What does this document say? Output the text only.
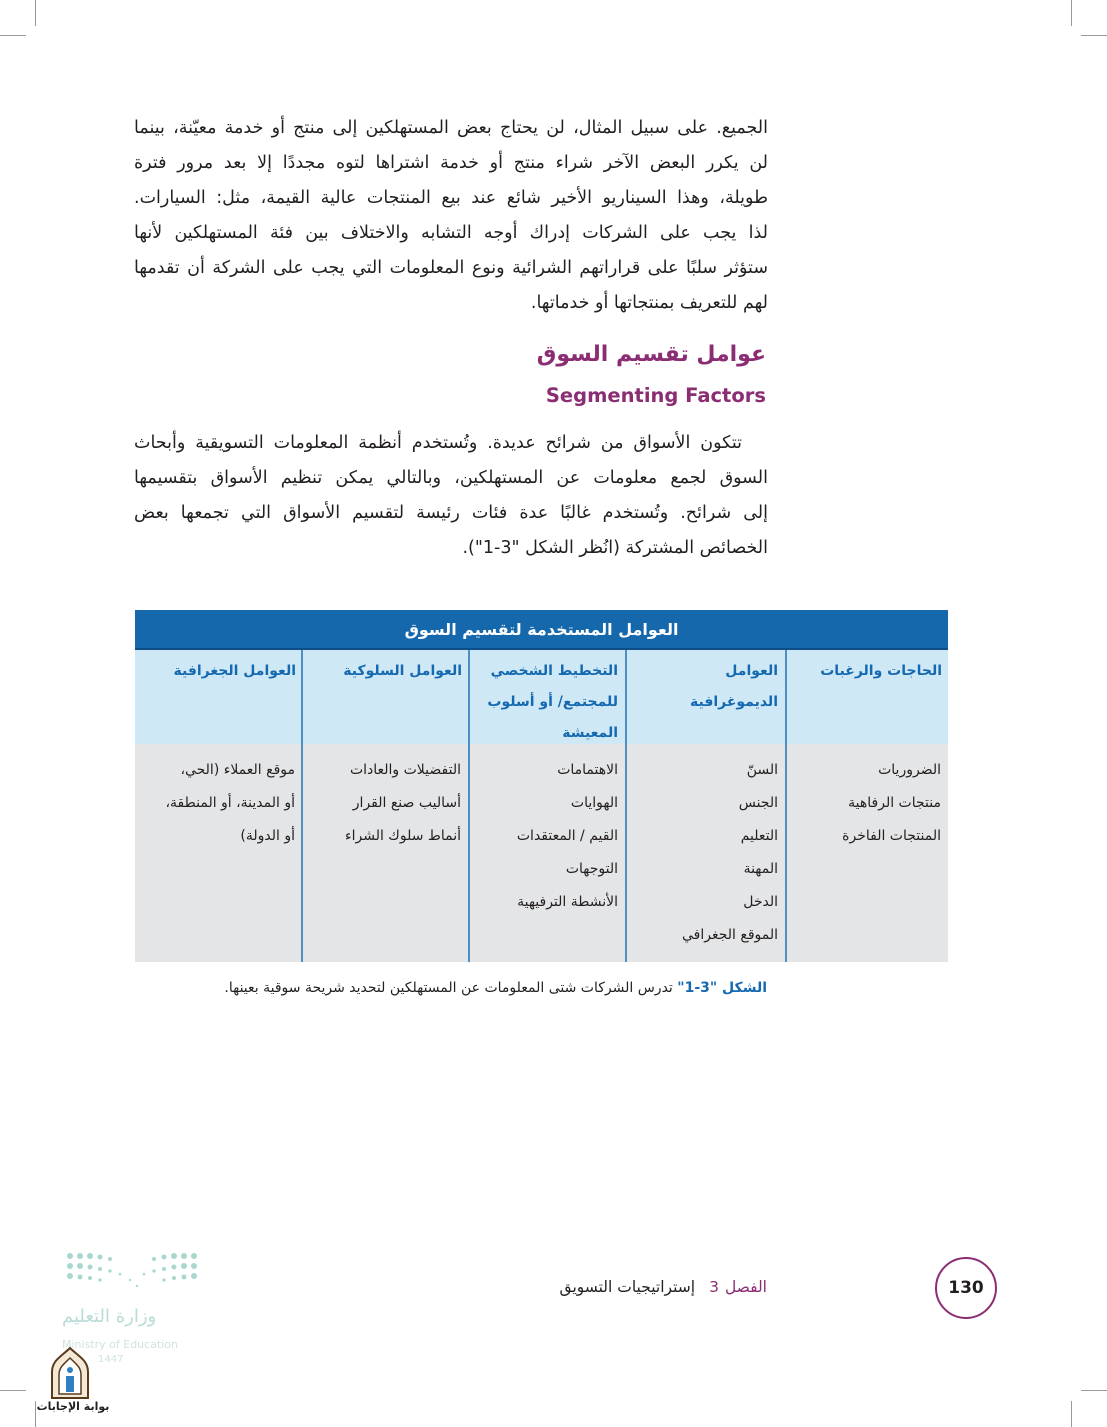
الجميع. على سبيل المثال، لن يحتاج بعض المستهلكين إلى منتج أو خدمة معيّنة، بينما
لن يكرر البعض الآخر شراء منتج أو خدمة اشتراها لتوه مجددًا إلا بعد مرور فترة
طويلة، وهذا السيناريو الأخير شائع عند بيع المنتجات عالية القيمة، مثل: السيارات.
لذا يجب على الشركات إدراك أوجه التشابه والاختلاف بين فئة المستهلكين لأنها
ستؤثر سلبًا على قراراتهم الشرائية ونوع المعلومات التي يجب على الشركة أن تقدمها
لهم للتعريف بمنتجاتها أو خدماتها.

عوامل تقسيم السوق
Segmenting Factors

تتكون الأسواق من شرائح عديدة. وتُستخدم أنظمة المعلومات التسويقية وأبحاث
السوق لجمع معلومات عن المستهلكين، وبالتالي يمكن تنظيم الأسواق بتقسيمها
إلى شرائح. وتُستخدم غالبًا عدة فئات رئيسة لتقسيم الأسواق التي تجمعها بعض
الخصائص المشتركة (انُظر الشكل "3-1").

العوامل المستخدمة لتقسيم السوق
الحاجات والرغبات
الضروريات
منتجات الرفاهية
المنتجات الفاخرة
العوامل
الديموغرافية
السنّ
الجنس
التعليم
المهنة
الدخل
الموقع الجغرافي
التخطيط الشخصي
للمجتمع/ أو أسلوب
المعيشة
الاهتمامات
الهوايات
القيم / المعتقدات
التوجهات
الأنشطة الترفيهية
العوامل السلوكية
التفضيلات والعادات
أساليب صنع القرار
أنماط سلوك الشراء
العوامل الجغرافية
موقع العملاء (الحي،
أو المدينة، أو المنطقة،
أو الدولة)
الشكل "3-1" تدرس الشركات شتى المعلومات عن المستهلكين لتحديد شريحة سوقية بعينها.
130
الفصل3إستراتيجيات التسويق
وزارة التعليم
Ministry of Education
1447
بوابة الإجابات
